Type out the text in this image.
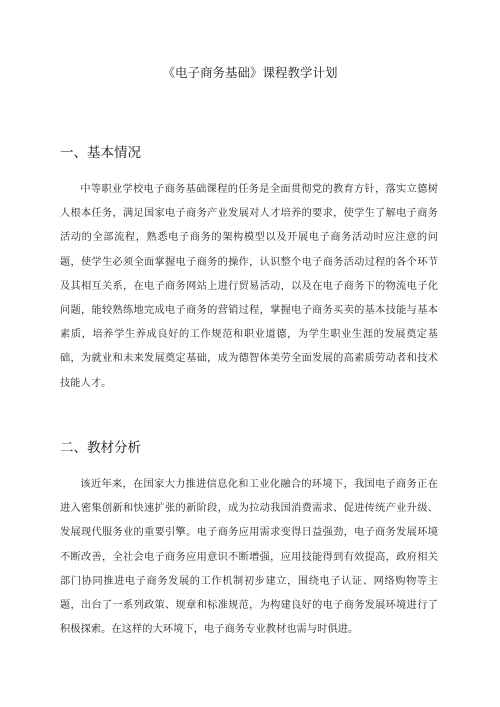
《电子商务基础》课程教学计划
一、基本情况

中等职业学校电子商务基础课程的任务是全面贯彻党的教育方针，落实立德树人根本任务，满足国家电子商务产业发展对人才培养的要求，使学生了解电子商务活动的全部流程，熟悉电子商务的架构模型以及开展电子商务活动时应注意的问题，使学生必须全面掌握电子商务的操作，认识整个电子商务活动过程的各个环节及其相互关系，在电子商务网站上进行贸易活动，以及在电子商务下的物流电子化问题，能较熟练地完成电子商务的营销过程，掌握电子商务买卖的基本技能与基本素质，培养学生养成良好的工作规范和职业道德，为学生职业生涯的发展奠定基础，为就业和未来发展奠定基础，成为德智体美劳全面发展的高素质劳动者和技术技能人才。

二、教材分析

该近年来，在国家大力推进信息化和工业化融合的环境下，我国电子商务正在进入密集创新和快速扩张的新阶段，成为拉动我国消费需求、促进传统产业升级、发展现代服务业的重要引擎。电子商务应用需求变得日益强劲，电子商务发展环境不断改善，全社会电子商务应用意识不断增强，应用技能得到有效提高，政府相关部门协同推进电子商务发展的工作机制初步建立，围绕电子认证、网络购物等主题，出台了一系列政策、规章和标准规范，为构建良好的电子商务发展环境进行了积极探索。在这样的大环境下，电子商务专业教材也需与时俱进。
